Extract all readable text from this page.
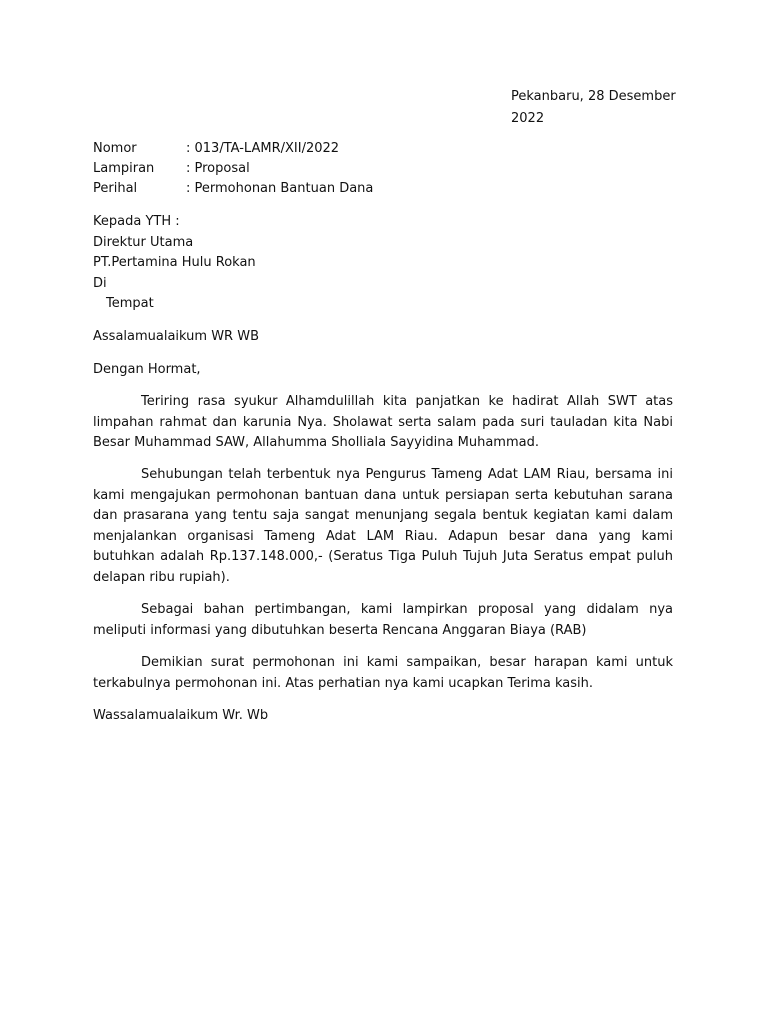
Pekanbaru, 28 Desember
2022
Nomor	: 013/TA-LAMR/XII/2022
Lampiran	: Proposal
Perihal	: Permohonan Bantuan Dana
Kepada YTH :
Direktur Utama
PT.Pertamina Hulu Rokan
Di
Tempat
Assalamualaikum WR WB
Dengan Hormat,
Teriring rasa syukur Alhamdulillah kita panjatkan ke hadirat Allah SWT atas limpahan rahmat dan karunia Nya. Sholawat serta salam pada suri tauladan kita Nabi Besar Muhammad SAW, Allahumma Sholliala Sayyidina Muhammad.
Sehubungan telah terbentuk nya Pengurus Tameng Adat LAM Riau, bersama ini kami mengajukan permohonan bantuan dana untuk persiapan serta kebutuhan sarana dan prasarana yang tentu saja sangat menunjang segala bentuk kegiatan kami dalam menjalankan organisasi Tameng Adat LAM Riau. Adapun besar dana yang kami butuhkan adalah Rp.137.148.000,- (Seratus Tiga Puluh Tujuh Juta Seratus empat puluh delapan ribu rupiah).
Sebagai bahan pertimbangan, kami lampirkan proposal yang didalam nya meliputi informasi yang dibutuhkan beserta Rencana Anggaran Biaya (RAB)
Demikian surat permohonan ini kami sampaikan, besar harapan kami untuk terkabulnya permohonan ini. Atas perhatian nya kami ucapkan Terima kasih.
Wassalamualaikum Wr. Wb
